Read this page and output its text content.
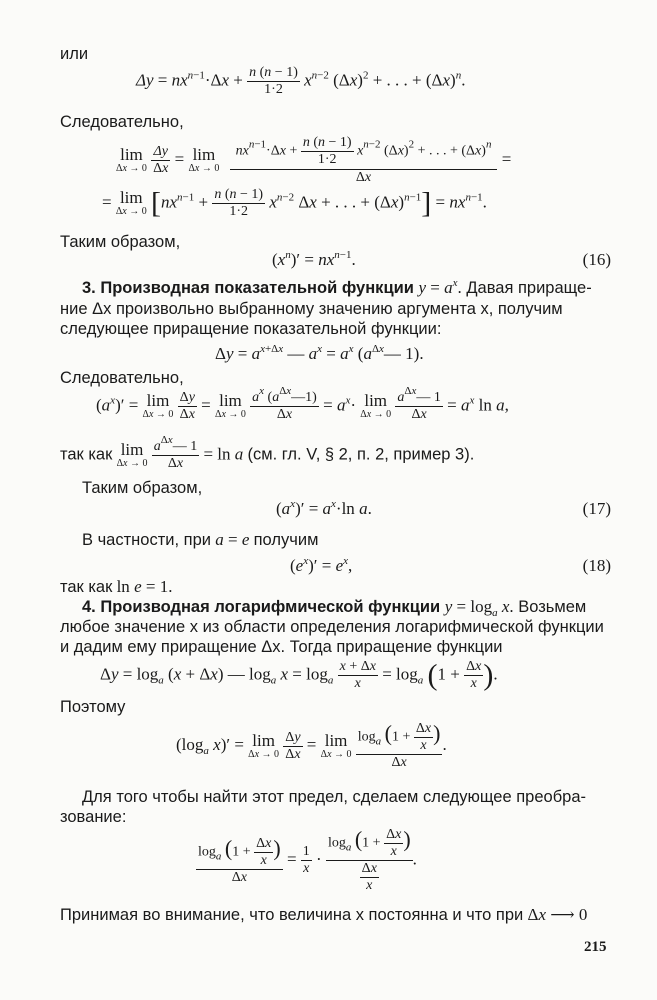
или
$\Delta y = nx^{n-1}\cdot\Delta x + \frac{n (n - 1)}{1\cdot 2} x^{n-2}$ $(\Delta x)^2$ + . . . + $(\Delta x)^n$.
Следовательно,
lim
Δx → 0
$\frac{\Delta y}{\Delta x} = \lim$
Δx → 0

$nx^{n-1}\cdot\Delta x + \frac{n (n - 1)}{1\cdot 2} x^{n-2}$ $(\Delta x)^2$ + . . . + $(\Delta x)^n$
Δx
=
= lim
Δx → 0 [$nx^{n-1} + \frac{n (n - 1)}{1\cdot 2} x^{n-2}$ Δx + . . . + $(\Delta x)^{n-1}] = nx^{n-1}$.
Таким образом,
$(x^n)' = nx^{n-1}$.	(16)
3. Производная показательной функции $y = a^x$. Давая прираще-
ние Δx произвольно выбранному значению аргумента x, получим
следующее приращение показательной функции:
$\Delta y = a^{x+\Delta x}$ — $a^x = a^x$ ($a^{\Delta x}—$ 1).
Следовательно,
$(a^x)' = \lim$
Δx → 0
$\frac{\Delta y}{\Delta x} = \lim$
Δx → 0
$\frac{a^x (a^{\Delta x}—1)}{\Delta x} = a^x\cdot \lim$
Δx → 0
$\frac{a^{\Delta x}— 1}{\Delta x} = a^x$ ln a,
так как lim
Δx → 0
$\frac{a^{\Delta x}— 1}{\Delta x} = \ln a$ (см. гл. V, § 2, п. 2, пример 3).
Таким образом,
$(a^x)' = a^x\cdot\ln$ a.	(17)
В частности, при a = e получим
$(e^x)' = e^x$,	(18)
так как ln e = 1.
4. Производная логарифмической функции $y = \log_a x$. Возьмем
любое значение x из области определения логарифмической функции
и дадим ему приращение Δx. Тогда приращение функции
$\Delta y = \log_a (x + \Delta x)$ — $\log_a x = \log_a \frac{x + \Delta x}{x} = \log_a (1 + \frac{\Delta x}{x}$ ).
Поэтому
($\log_a$ x)′ = lim
Δx → 0
$\frac{\Delta y}{\Delta x} = \lim$
Δx → 0
$\frac{\log_a (1 + \frac{\Delta x}{x} )}{\Delta x}$ .
Для того чтобы найти этот предел, сделаем следующее преобра-
зование:
$\frac{\log_a (1 + \frac{\Delta x}{x} )}{\Delta x} = \frac{1}{x} \cdot \frac{\log_a (1 + \frac{\Delta x}{x} )}{\frac{\Delta x}{x}}$ .
Принимая во внимание, что величина x постоянна и что при Δx ⟶ 0
215
